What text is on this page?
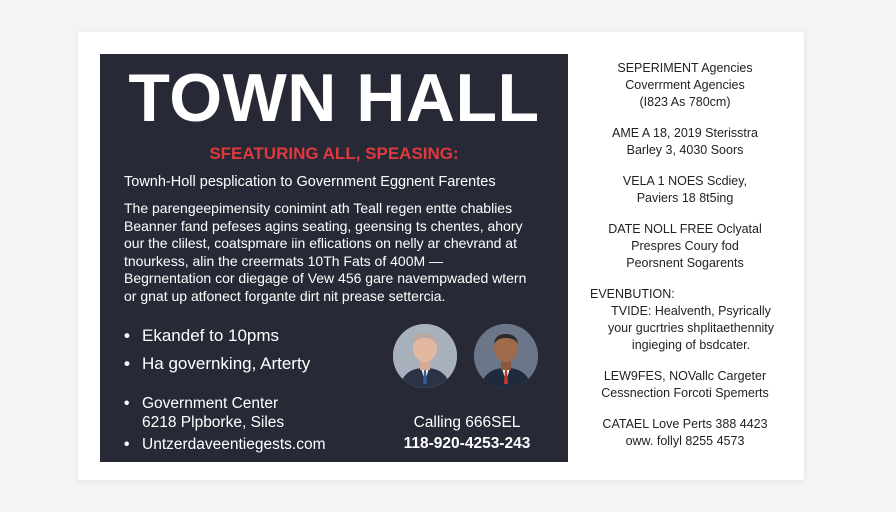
TOWN HALL
SFEATURING ALL, SPEASING:
Townh-Holl pesplication to Government Eggnent Farentes
The parengeepimensity conimint ath Teall regen entte chablies
Beanner fand pefeses agins seating, geensing ts chentes, ahory
our the clilest, coatspmare iin eflications on nelly ar chevrand at
tnourkess, alin the creermats 10Th Fats of 400M —
Begrnentation cor diegage of Vew 456 gare navempwaded wtern
or gnat up atfonect forgante dirt nit prease settercia.
• Ekandef to 10pms
• Ha governking, Artertу
• Government Center
6218 Plpborke, Siles
• Untzerdaveentiegests.com
Calling 666SEL
118-920-4253-243
SEPERIMENT Agencies
Coverrment Agencies
(I823 As 780cm)
AME A 18, 2019 Sterisstra
Barley 3, 4030 Soors
VELA 1 NOES Scdiey,
Paviers 18 8t5ing
DATE NOLL FREE Oclyatal
Prespres Coury fod
Peorsnent Sogarents
EVENBUTION:
TVIDE: Healventh, Psyrically
your gucrtries shplitaethennity
ingieging of bsdcater.
LEW9FES, NOVallc Cargeter
Cessnection Forcoti Spemerts
CATAEL Love Perts 388 4423
oww. follyl 8255 4573
